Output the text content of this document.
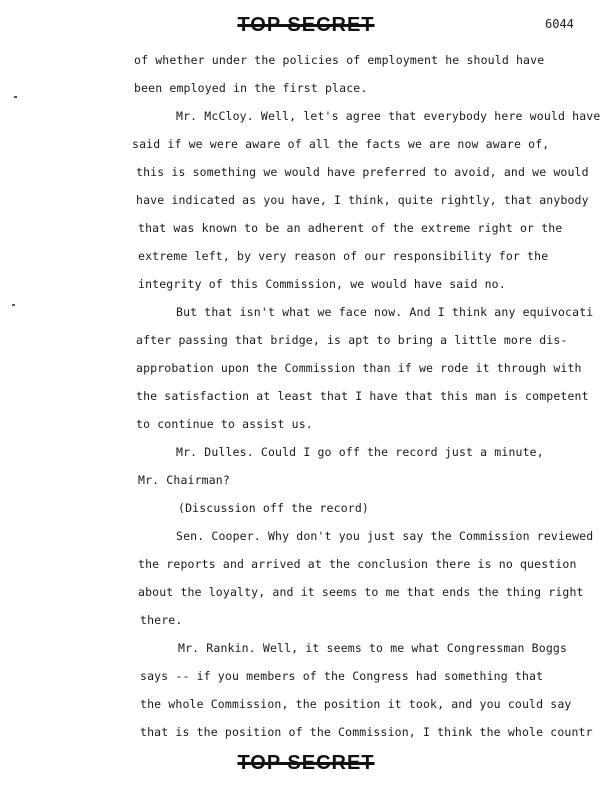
TOP SECRET	6044
of whether under the policies of employment he should have
been employed in the first place.
Mr. McCloy. Well, let's agree that everybody here would have
said if we were aware of all the facts we are now aware of,
this is something we would have preferred to avoid, and we would
have indicated as you have, I think, quite rightly, that anybody
that was known to be an adherent of the extreme right or the
extreme left, by very reason of our responsibility for the
integrity of this Commission, we would have said no.
But that isn't what we face now. And I think any equivocati
after passing that bridge, is apt to bring a little more dis-
approbation upon the Commission than if we rode it through with
the satisfaction at least that I have that this man is competent
to continue to assist us.
Mr. Dulles. Could I go off the record just a minute,
Mr. Chairman?
(Discussion off the record)
Sen. Cooper. Why don't you just say the Commission reviewed
the reports and arrived at the conclusion there is no question
about the loyalty, and it seems to me that ends the thing right
there.
Mr. Rankin. Well, it seems to me what Congressman Boggs
says -- if you members of the Congress had something that
the whole Commission, the position it took, and you could say
that is the position of the Commission, I think the whole countr
TOP SECRET
